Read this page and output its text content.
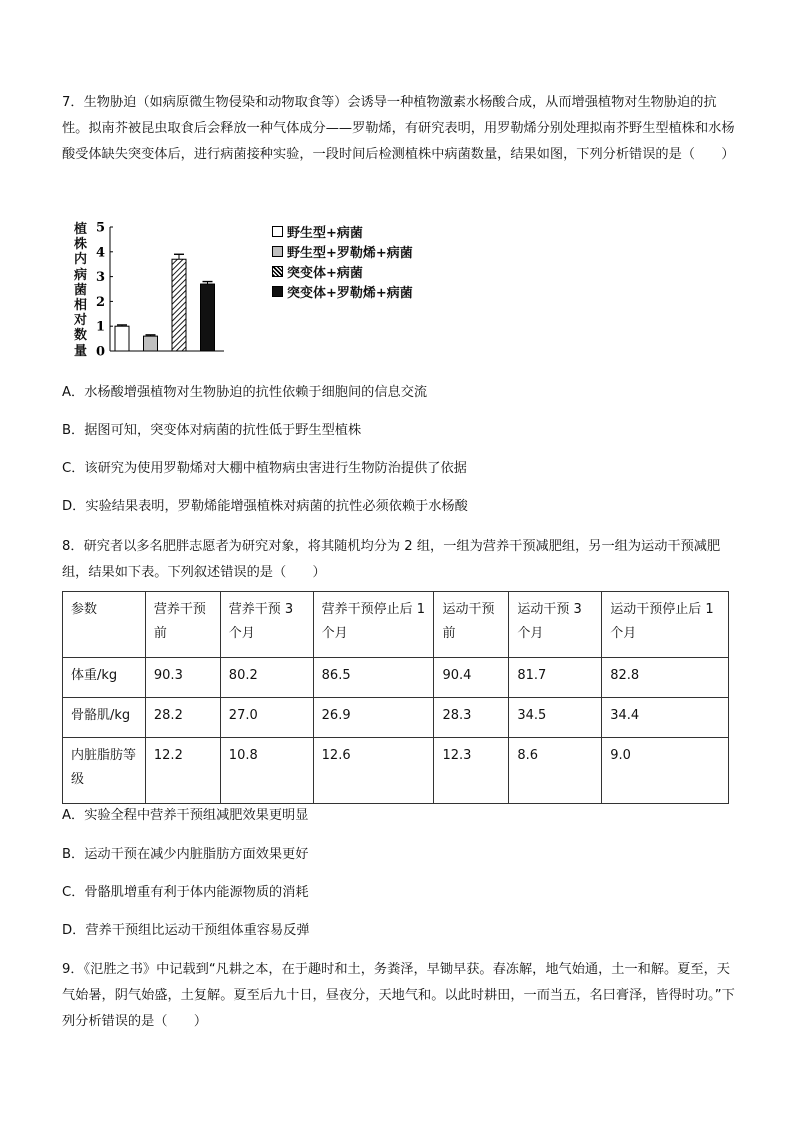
7．生物胁迫（如病原微生物侵染和动物取食等）会诱导一种植物激素水杨酸合成，从而增强植物对生物胁迫的抗性。拟南芥被昆虫取食后会释放一种气体成分——罗勒烯，有研究表明，用罗勒烯分别处理拟南芥野生型植株和水杨酸受体缺失突变体后，进行病菌接种实验，一段时间后检测植株中病菌数量，结果如图，下列分析错误的是（　　）

植
株
内
病
菌
相
对
数
量 0
1
2
3
4
5	野生型+病菌
野生型+罗勒烯+病菌
突变体+病菌
突变体+罗勒烯+病菌

A．水杨酸增强植物对生物胁迫的抗性依赖于细胞间的信息交流

B．据图可知，突变体对病菌的抗性低于野生型植株

C．该研究为使用罗勒烯对大棚中植物病虫害进行生物防治提供了依据

D．实验结果表明，罗勒烯能增强植株对病菌的抗性必须依赖于水杨酸

8．研究者以多名肥胖志愿者为研究对象，将其随机均分为 2 组，一组为营养干预减肥组，另一组为运动干预减肥组，结果如下表。下列叙述错误的是（　　）

参数	营养干预前	营养干预 3 个月	营养干预停止后 1 个月	运动干预前	运动干预 3 个月	运动干预停止后 1 个月
体重/kg	90.3	80.2	86.5	90.4	81.7	82.8
骨骼肌/kg	28.2	27.0	26.9	28.3	34.5	34.4
内脏脂肪等级	12.2	10.8	12.6	12.3	8.6	9.0

A．实验全程中营养干预组减肥效果更明显

B．运动干预在减少内脏脂肪方面效果更好

C．骨骼肌增重有利于体内能源物质的消耗

D．营养干预组比运动干预组体重容易反弹

9．《氾胜之书》中记载到“凡耕之本，在于趣时和土，务粪泽，早锄早获。春冻解，地气始通，土一和解。夏至，天气始暑，阴气始盛，土复解。夏至后九十日，昼夜分，天地气和。以此时耕田，一而当五，名曰膏泽，皆得时功。”下列分析错误的是（　　）
